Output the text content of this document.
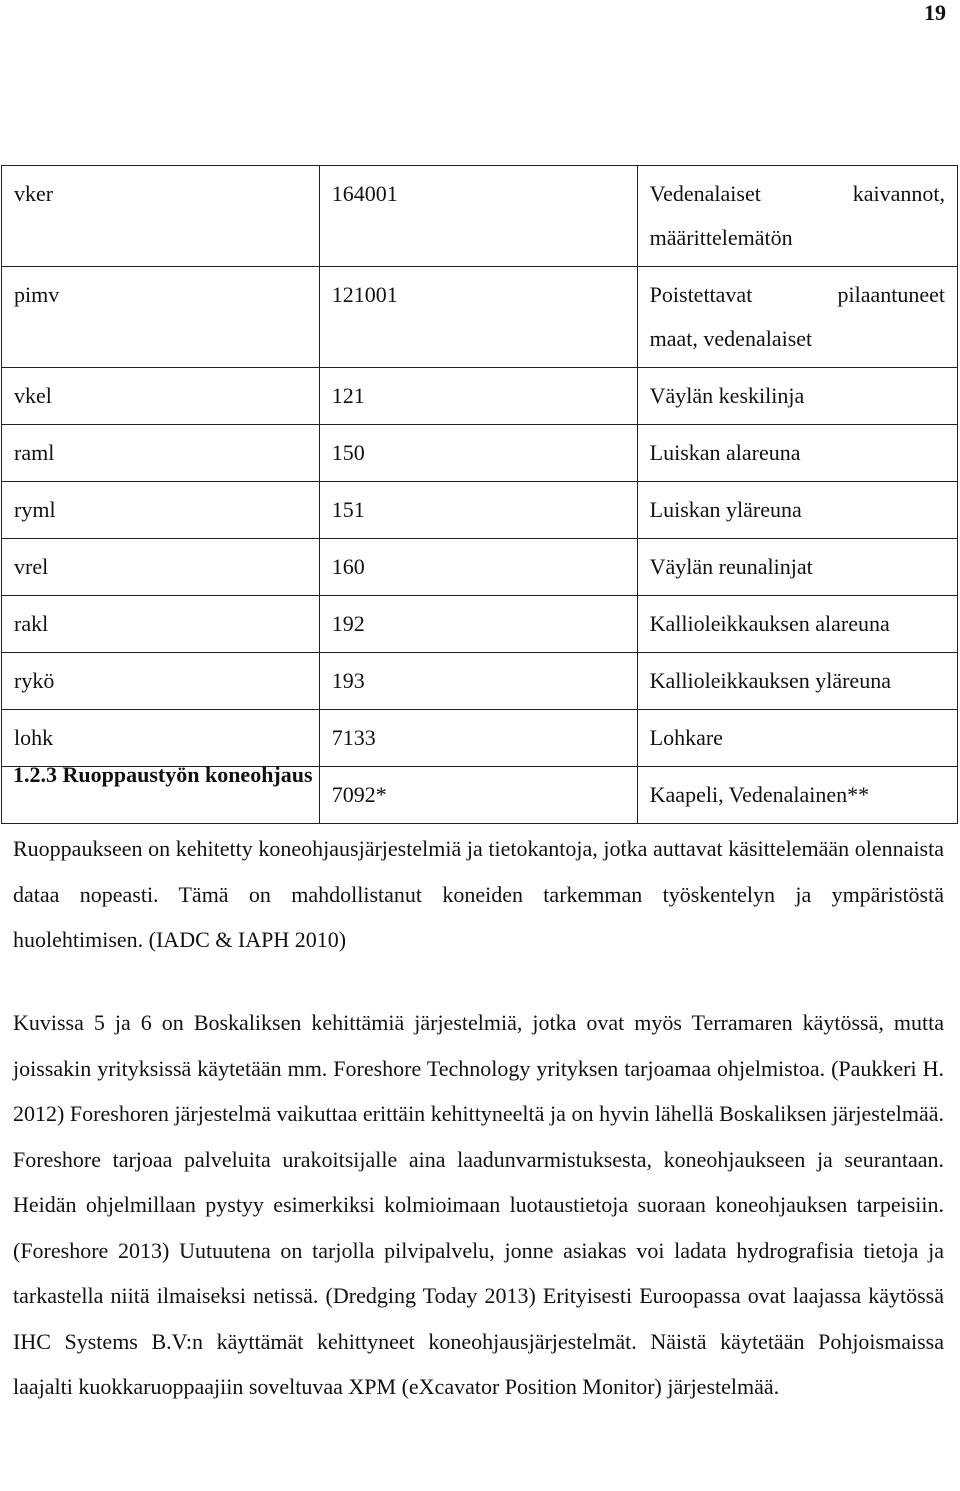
19
vker	164001	Vedenalaiset kaivannot,
määrittelemätön

pimv	121001	Poistettavat pilaantuneet
maat, vedenalaiset

vkel	121	Väylän keskilinja

raml	150	Luiskan alareuna

ryml	151	Luiskan yläreuna

vrel	160	Väylän reunalinjat

rakl	192	Kallioleikkauksen alareuna

rykö	193	Kallioleikkauksen yläreuna

lohk	7133	Lohkare

	7092*	Kaapeli, Vedenalainen**
1.2.3 Ruoppaustyön koneohjaus
Ruoppaukseen on kehitetty koneohjausjärjestelmiä ja tietokantoja, jotka auttavat käsittelemään olennaista dataa nopeasti. Tämä on mahdollistanut koneiden tarkemman työskentelyn ja ympäristöstä huolehtimisen. (IADC & IAPH 2010)
Kuvissa 5 ja 6 on Boskaliksen kehittämiä järjestelmiä, jotka ovat myös Terramaren käytössä, mutta joissakin yrityksissä käytetään mm. Foreshore Technology yrityksen tarjoamaa ohjelmistoa. (Paukkeri H. 2012) Foreshoren järjestelmä vaikuttaa erittäin kehittyneeltä ja on hyvin lähellä Boskaliksen järjestelmää. Foreshore tarjoaa palveluita urakoitsijalle aina laadunvarmistuksesta, koneohjaukseen ja seurantaan. Heidän ohjelmillaan pystyy esimerkiksi kolmioimaan luotaustietoja suoraan koneohjauksen tarpeisiin. (Foreshore 2013) Uutuutena on tarjolla pilvipalvelu, jonne asiakas voi ladata hydrografisia tietoja ja tarkastella niitä ilmaiseksi netissä. (Dredging Today 2013) Erityisesti Euroopassa ovat laajassa käytössä IHC Systems B.V:n käyttämät kehittyneet koneohjausjärjestelmät. Näistä käytetään Pohjoismaissa laajalti kuokkaruoppaajiin soveltuvaa XPM (eXcavator Position Monitor) järjestelmää.
